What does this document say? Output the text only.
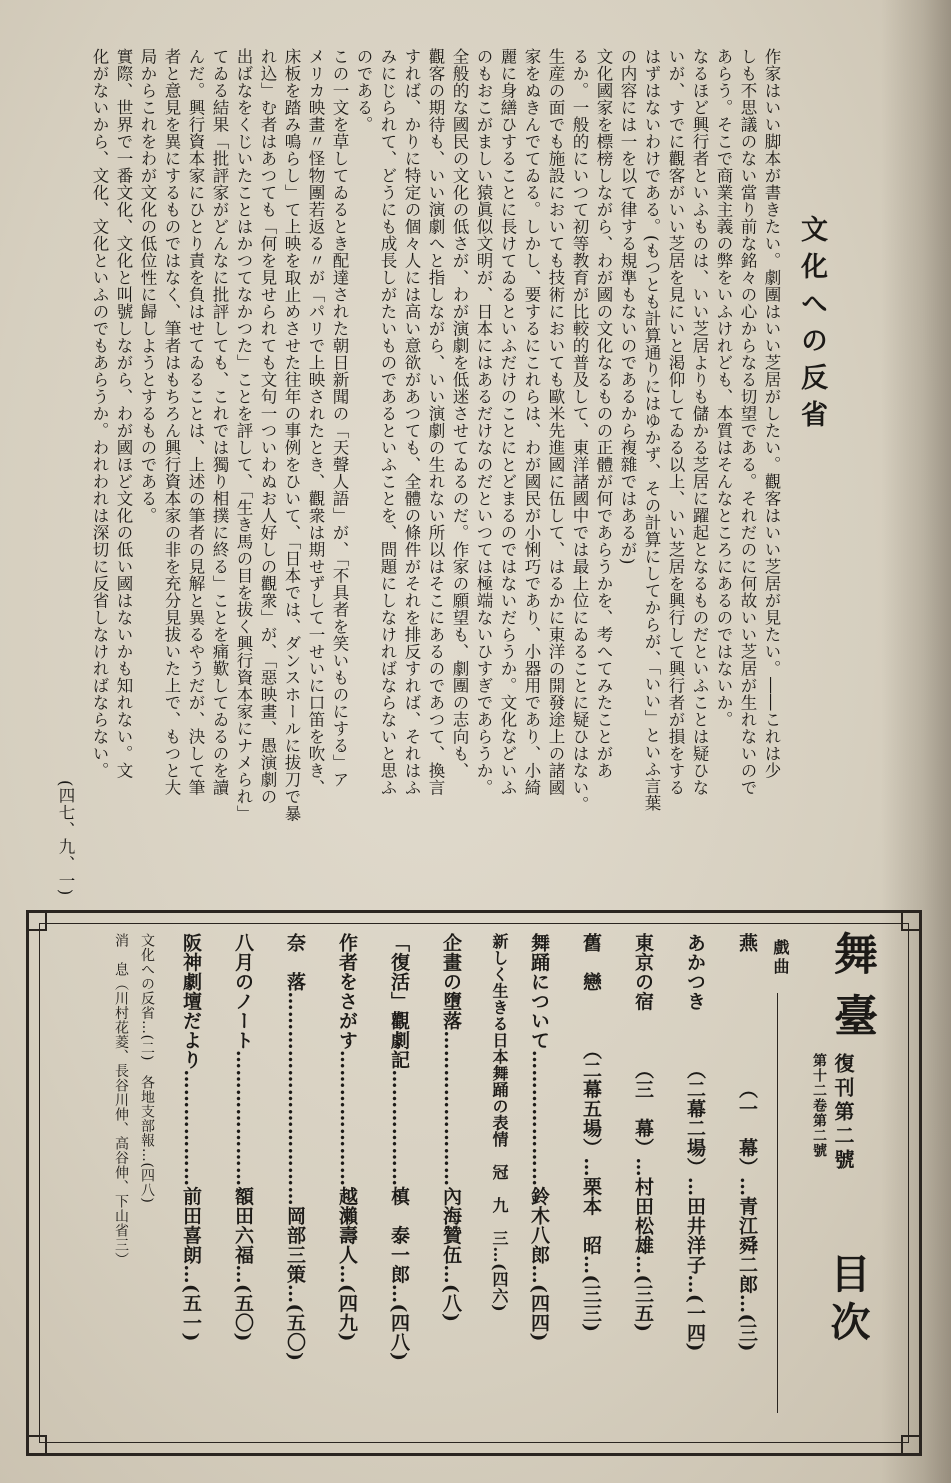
文化への反省
作家はいい脚本が書きたい。劇團はいい芝居がしたい。觀客はいい芝居が見たい。――これは少
しも不思議のない當り前な銘々の心からなる切望である。それだのに何故いい芝居が生れないので
あらう。そこで商業主義の弊をいふけれども、本質はそんなところにあるのではないか。
なるほど興行者といふものは、いい芝居よりも儲かる芝居に躍起となるものだといふことは疑ひな
いが、すでに觀客がいい芝居を見にいと渇仰してゐる以上、いい芝居を興行して興行者が損をする
はずはないわけである。(もつとも計算通りにはゆかず、その計算にしてからが、「いい」といふ言葉
の内容には一を以て律する規準もないのであるから複雜ではあるが)
文化國家を標榜しながら、わが國の文化なるものの正體が何であらうかを、考へてみたことがあ
るか。一般的にいつて初等教育が比較的普及して、東洋諸國中では最上位にゐることに疑ひはない。
生産の面でも施設においても技術においても歐米先進國に伍して、はるかに東洋の開發途上の諸國
家をぬきんでてゐる。しかし、要するにこれらは、わが國民が小悧巧であり、小器用であり、小綺
麗に身繕ひすることに長けてゐるといふだけのことにとどまるのではないだらうか。文化などいふ
のもおこがましい猿眞似文明が、日本にはあるだけなのだといつては極端ないひすぎであらうか。
全般的な國民の文化の低さが、わが演劇を低迷させてゐるのだ。作家の願望も、劇團の志向も、
觀客の期待も、いい演劇へと指しながら、いい演劇の生れない所以はそこにあるのであつて、換言
すれば、かりに特定の個々人には高い意欲があつても、全體の條件がそれを排反すれば、それはふ
みにじられて、どうにも成長しがたいものであるといふことを、問題にしなければならないと思ふ
のである。
この一文を草してゐるとき配達された朝日新聞の「天聲人語」が、「不具者を笑いものにする」ア
メリカ映畫〃怪物團若返る〃が「パリで上映されたとき、觀衆は期せずして一せいに口笛を吹き、
床板を踏み鳴らし」て上映を取止めさせた往年の事例をひいて、「日本では、ダンスホールに拔刀で暴
れ込」む者はあつても「何を見せられても文句一ついわぬお人好しの觀衆」が、「惡映畫、愚演劇の
出ばなをくじいたことはかつてなかつた」ことを評して、「生き馬の目を拔く興行資本家にナメられ」
てゐる結果「批評家がどんなに批評しても、これでは獨り相撲に終る」ことを痛歎してゐるのを讀
んだ。興行資本家にひとり責を負はせてゐることは、上述の筆者の見解と異るやうだが、決して筆
者と意見を異にするものではなく、筆者はもちろん興行資本家の非を充分見拔いた上で、もつと大
局からこれをわが文化の低位性に歸しようとするものである。
實際、世界で一番文化、文化と叫號しながら、わが國ほど文化の低い國はないかも知れない。文
化がないから、文化、文化といふのでもあらうか。われわれは深切に反省しなければならない。
(四七、九、一)
舞臺
復刊第二號
第十二卷第二號
目次
戲曲
燕　　　　　　　（一　幕）…青江舜二郎…(三)
あかつき　　　（二幕二場）…田井洋子…(一四)
東京の宿　　　（三　幕）…村田松雄…(三五)
舊　戀　　　（二幕五場）…栗本　昭…(三三)
舞踊について…………………鈴木八郎…(四四)
新しく生きる日本舞踊の表情　冠　九　三…(四六)
企畫の墮落……………………內海贊伍…(八)
「復活」觀劇記………………槙　泰一郎…(四八)
作者をさがす…………………越瀨壽人…(四九)
奈　落……………………………岡部三策…(五〇)
八月のノート…………………額田六福…(五〇)
阪神劇壇だより………………前田喜朗…(五一)
文化への反省…(二)　各地支部報…(四八)
消　息（川村花菱、長谷川伸、高谷伸、下山省三）
